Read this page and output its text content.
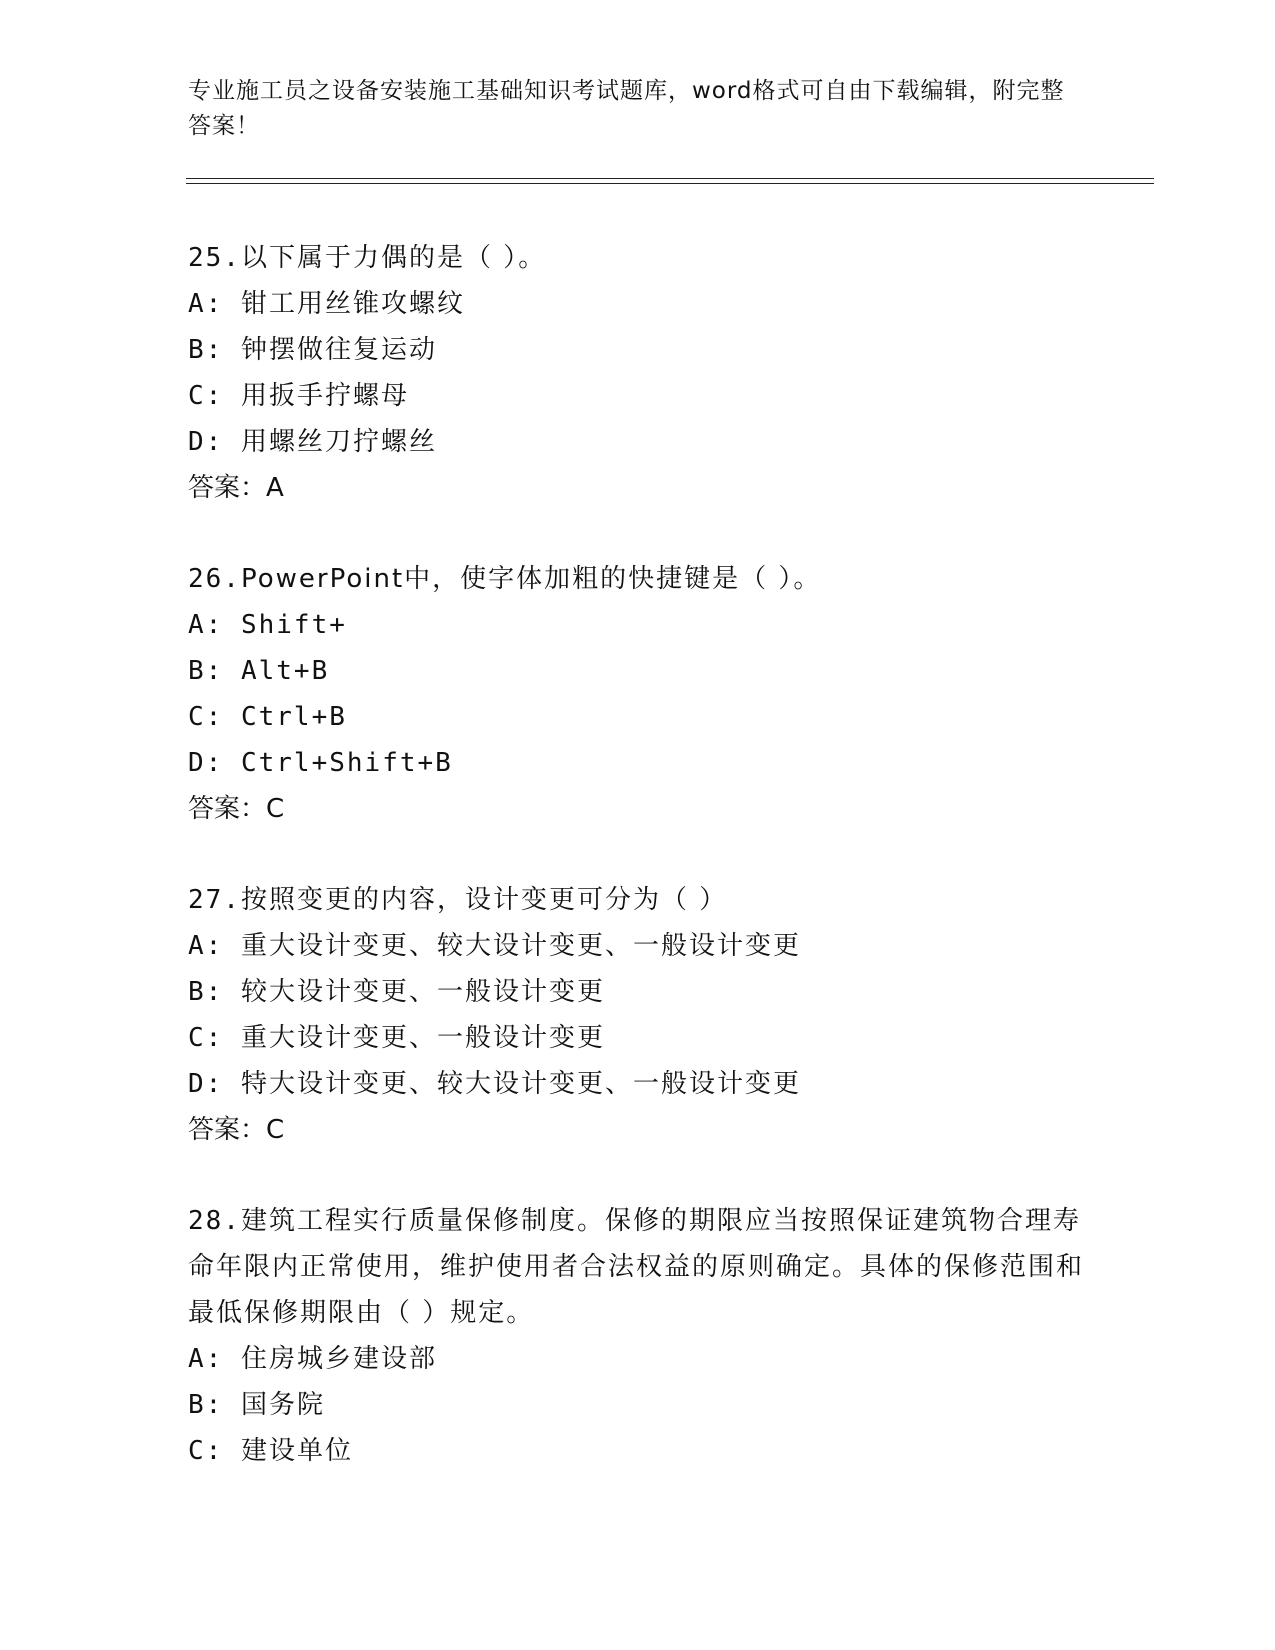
专业施工员之设备安装施工基础知识考试题库，word格式可自由下载编辑，附完整答案！
25.以下属于力偶的是（ ）。
A: 钳工用丝锥攻螺纹
B: 钟摆做往复运动
C: 用扳手拧螺母
D: 用螺丝刀拧螺丝
答案：A
26.PowerPoint中，使字体加粗的快捷键是（ ）。
A: Shift+
B: Alt+B
C: Ctrl+B
D: Ctrl+Shift+B
答案：C
27.按照变更的内容，设计变更可分为（ ）
A: 重大设计变更、较大设计变更、一般设计变更
B: 较大设计变更、一般设计变更
C: 重大设计变更、一般设计变更
D: 特大设计变更、较大设计变更、一般设计变更
答案：C
28.建筑工程实行质量保修制度。保修的期限应当按照保证建筑物合理寿命年限内正常使用，维护使用者合法权益的原则确定。具体的保修范围和最低保修期限由（ ）规定。
A: 住房城乡建设部
B: 国务院
C: 建设单位
